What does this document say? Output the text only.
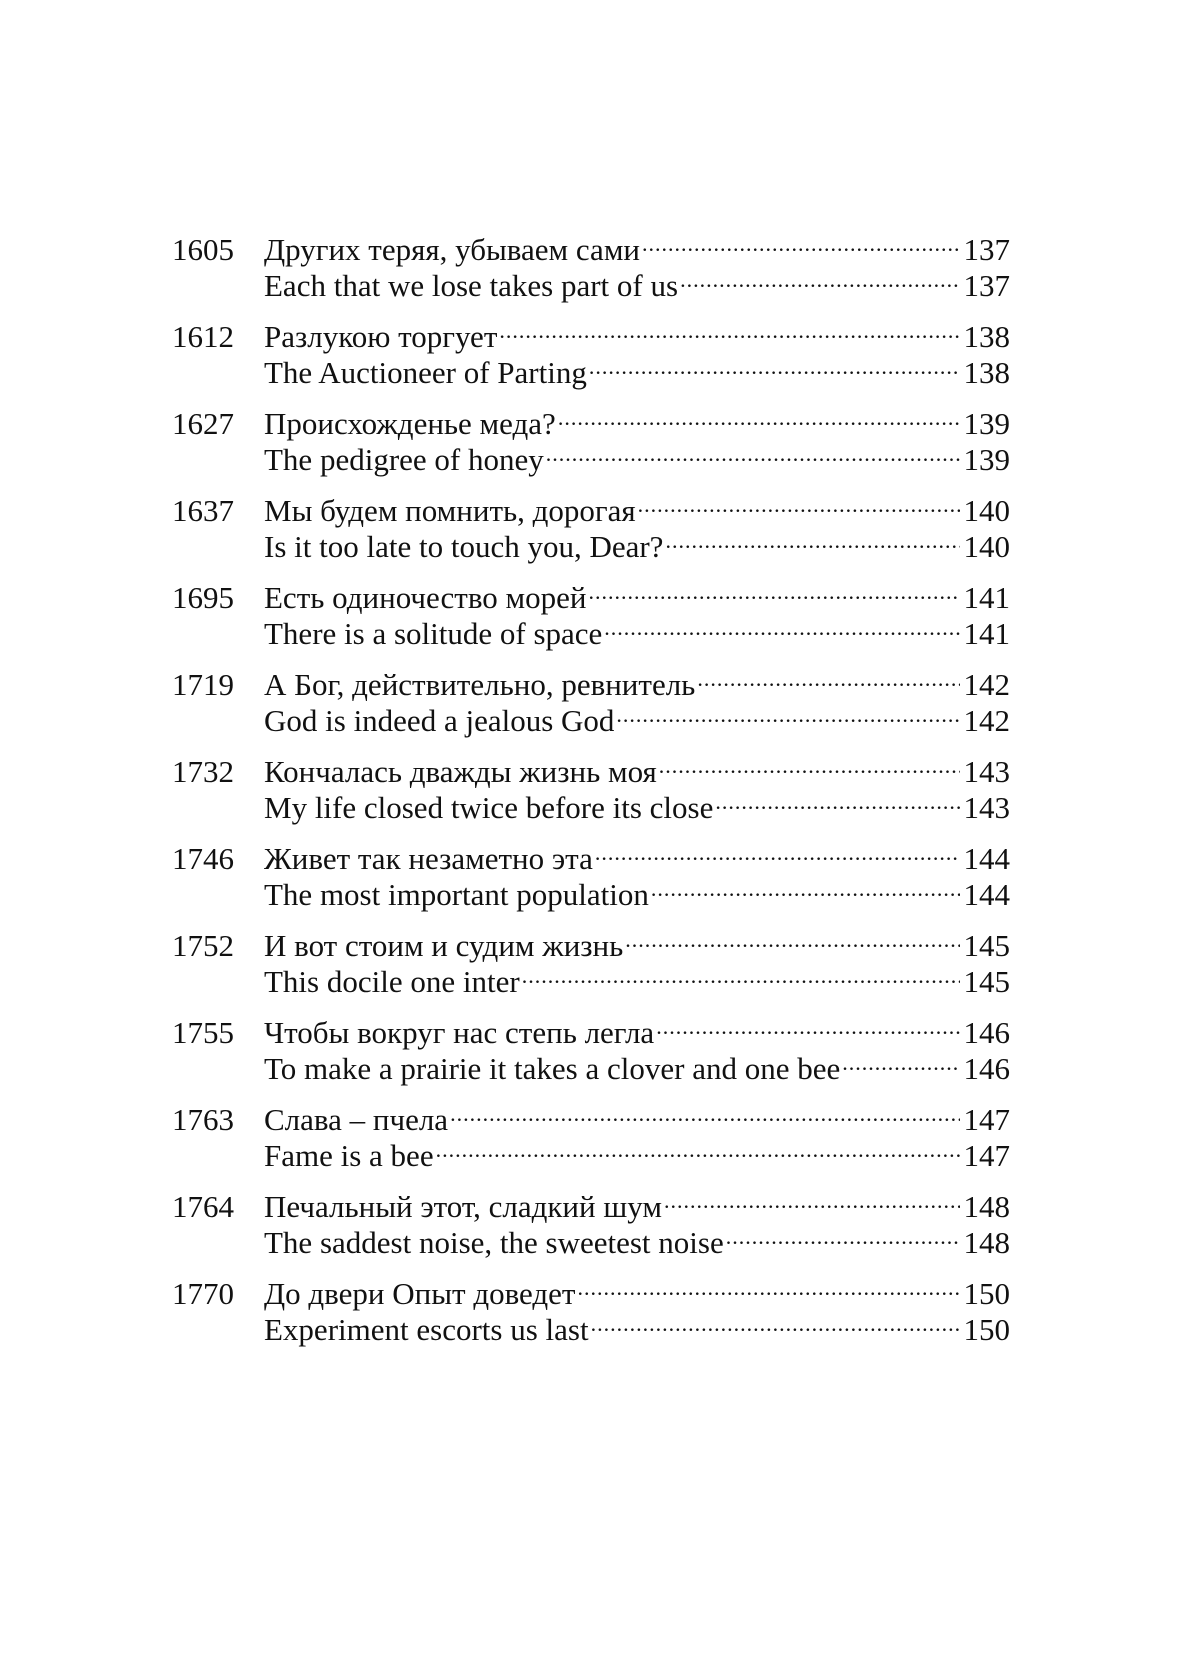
1605 Других теряя, убываем сами .....	137
Each that we lose takes part of us .....	137
1612 Разлукою торгует .....	138
The Auctioneer of Parting .....	138
1627 Происхожденье меда? .....	139
The pedigree of honey .....	139
1637 Мы будем помнить, дорогая .....	140
Is it too late to touch you, Dear? .....	140
1695 Есть одиночество морей .....	141
There is a solitude of space .....	141
1719 А Бог, действительно, ревнитель .....	142
God is indeed a jealous God .....	142
1732 Кончалась дважды жизнь моя .....	143
My life closed twice before its close .....	143
1746 Живет так незаметно эта .....	144
The most important population .....	144
1752 И вот стоим и судим жизнь .....	145
This docile one inter .....	145
1755 Чтобы вокруг нас степь легла .....	146
To make a prairie it takes a clover and one bee .....	146
1763 Слава – пчела .....	147
Fame is a bee .....	147
1764 Печальный этот, сладкий шум .....	148
The saddest noise, the sweetest noise .....	148
1770 До двери Опыт доведет .....	150
Experiment escorts us last .....	150
